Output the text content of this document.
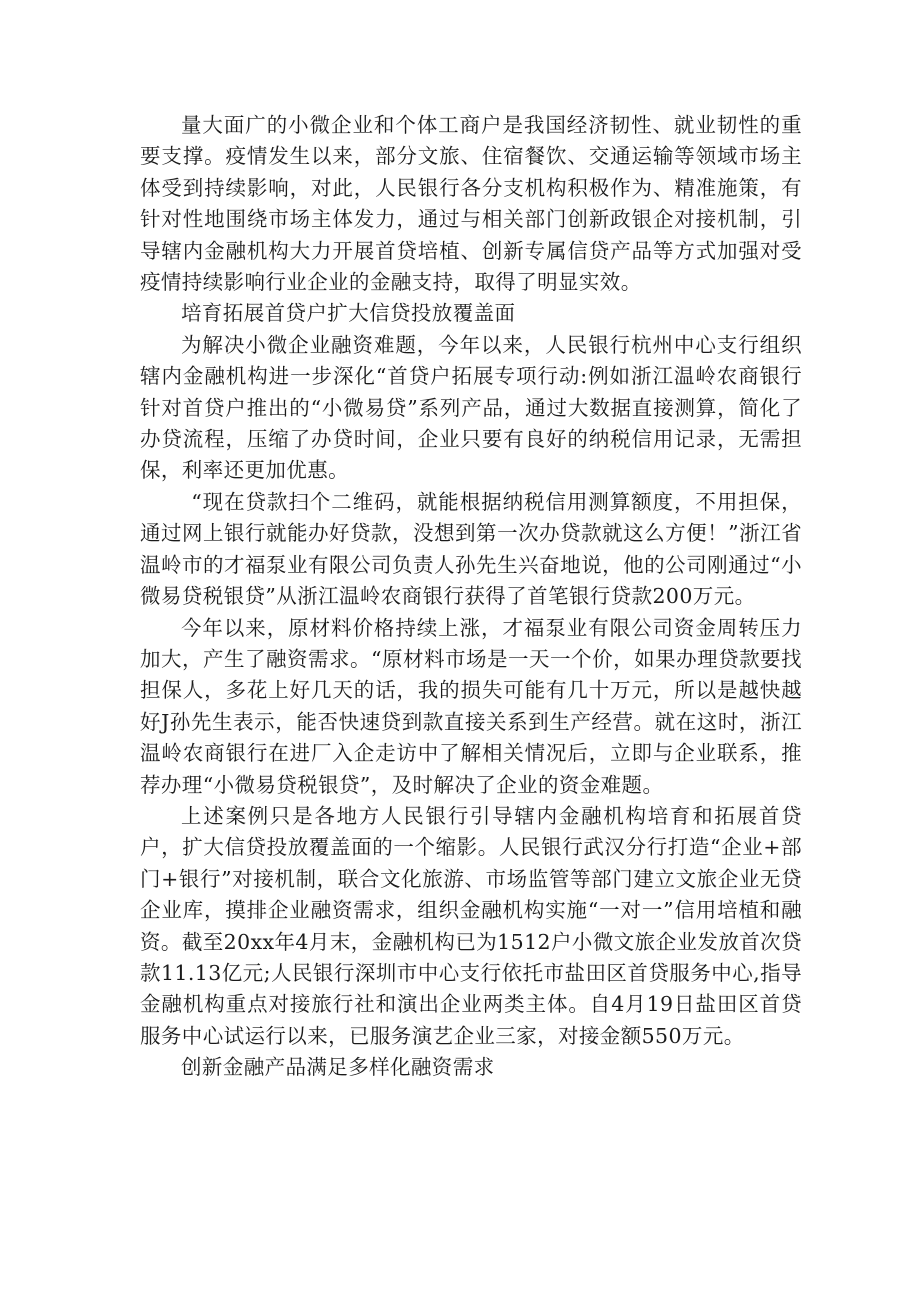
量大面广的小微企业和个体工商户是我国经济韧性、就业韧性的重要支撑。疫情发生以来，部分文旅、住宿餐饮、交通运输等领域市场主体受到持续影响，对此，人民银行各分支机构积极作为、精准施策，有针对性地围绕市场主体发力，通过与相关部门创新政银企对接机制，引导辖内金融机构大力开展首贷培植、创新专属信贷产品等方式加强对受疫情持续影响行业企业的金融支持，取得了明显实效。

培育拓展首贷户扩大信贷投放覆盖面

为解决小微企业融资难题，今年以来，人民银行杭州中心支行组织辖内金融机构进一步深化“首贷户拓展专项行动:例如浙江温岭农商银行针对首贷户推出的“小微易贷”系列产品，通过大数据直接测算，简化了办贷流程，压缩了办贷时间，企业只要有良好的纳税信用记录，无需担保，利率还更加优惠。

“现在贷款扫个二维码，就能根据纳税信用测算额度，不用担保，通过网上银行就能办好贷款，没想到第一次办贷款就这么方便！”浙江省温岭市的才福泵业有限公司负责人孙先生兴奋地说，他的公司刚通过“小微易贷税银贷”从浙江温岭农商银行获得了首笔银行贷款200万元。

今年以来，原材料价格持续上涨，才福泵业有限公司资金周转压力加大，产生了融资需求。“原材料市场是一天一个价，如果办理贷款要找担保人，多花上好几天的话，我的损失可能有几十万元，所以是越快越好J孙先生表示，能否快速贷到款直接关系到生产经营。就在这时，浙江温岭农商银行在进厂入企走访中了解相关情况后，立即与企业联系，推荐办理“小微易贷税银贷”，及时解决了企业的资金难题。

上述案例只是各地方人民银行引导辖内金融机构培育和拓展首贷户，扩大信贷投放覆盖面的一个缩影。人民银行武汉分行打造“企业+部门+银行”对接机制，联合文化旅游、市场监管等部门建立文旅企业无贷企业库，摸排企业融资需求，组织金融机构实施“一对一”信用培植和融资。截至20xx年4月末，金融机构已为1512户小微文旅企业发放首次贷款11.13亿元;人民银行深圳市中心支行依托市盐田区首贷服务中心,指导金融机构重点对接旅行社和演出企业两类主体。自4月19日盐田区首贷服务中心试运行以来，已服务演艺企业三家，对接金额550万元。

创新金融产品满足多样化融资需求
